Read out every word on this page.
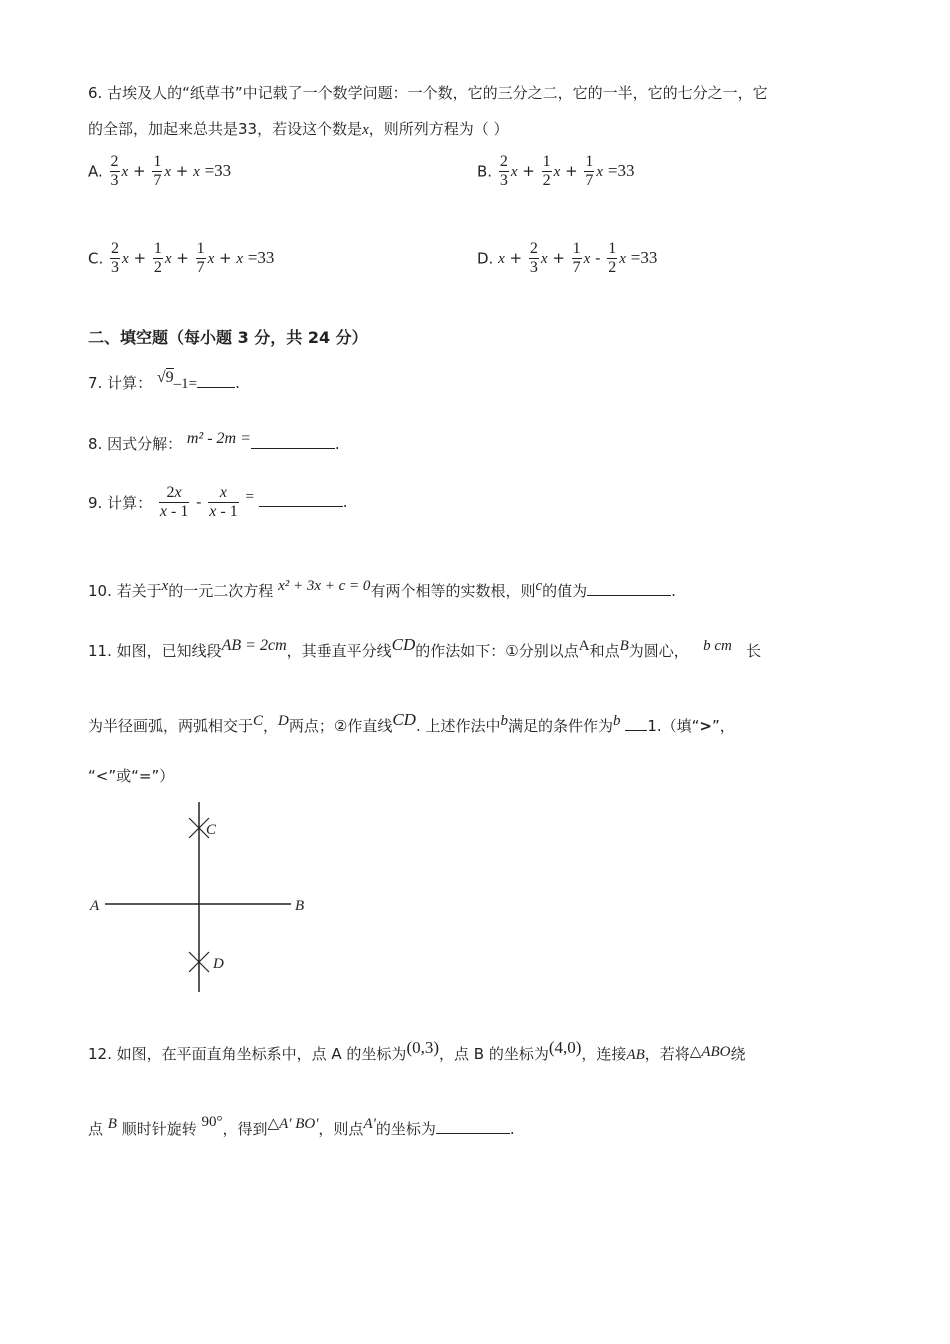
6. 古埃及人的“纸草书”中记载了一个数学问题：一个数，它的三分之二，它的一半，它的七分之一，它
的全部，加起来总共是33，若设这个数是x，则所列方程为（ ）
A. $\frac{2}{3}$ $x + \frac{1}{7}$ x + x =33	B. $\frac{2}{3}$ $x + \frac{1}{2}$ $x + \frac{1}{7}$ x =33
C. $\frac{2}{3}$ $x + \frac{1}{2}$ $x + \frac{1}{7}$ x + x =33	D. $x + \frac{2}{3}$ $x + \frac{1}{7}$ x - $\frac{1}{2}$ x =33
二、填空题（每小题 3 分，共 24 分）
7. 计算： √9–1=	.
8. 因式分解： m² - 2m =	.
9. 计算： $\frac{2x}{x - 1} - \frac{x}{x - 1}$ =	.
10. 若关于x的一元二次方程 x² + 3x + c = 0有两个相等的实数根，则c的值为	.
11. 如图，已知线段AB = 2cm，其垂直平分线CD的作法如下：①分别以点A和点B为圆心， b cm 长
为半径画弧，两弧相交于C，D两点；②作直线CD. 上述作法中b满足的条件作为b 1.（填“>”，
“<”或“=”）
A	B
C
D
12. 如图，在平面直角坐标系中，点 A 的坐标为(0,3)，点 B 的坐标为(4,0)，连接AB，若将△ABO绕
点 B 顺时针旋转 90°，得到△A' BO'，则点A'的坐标为	.
